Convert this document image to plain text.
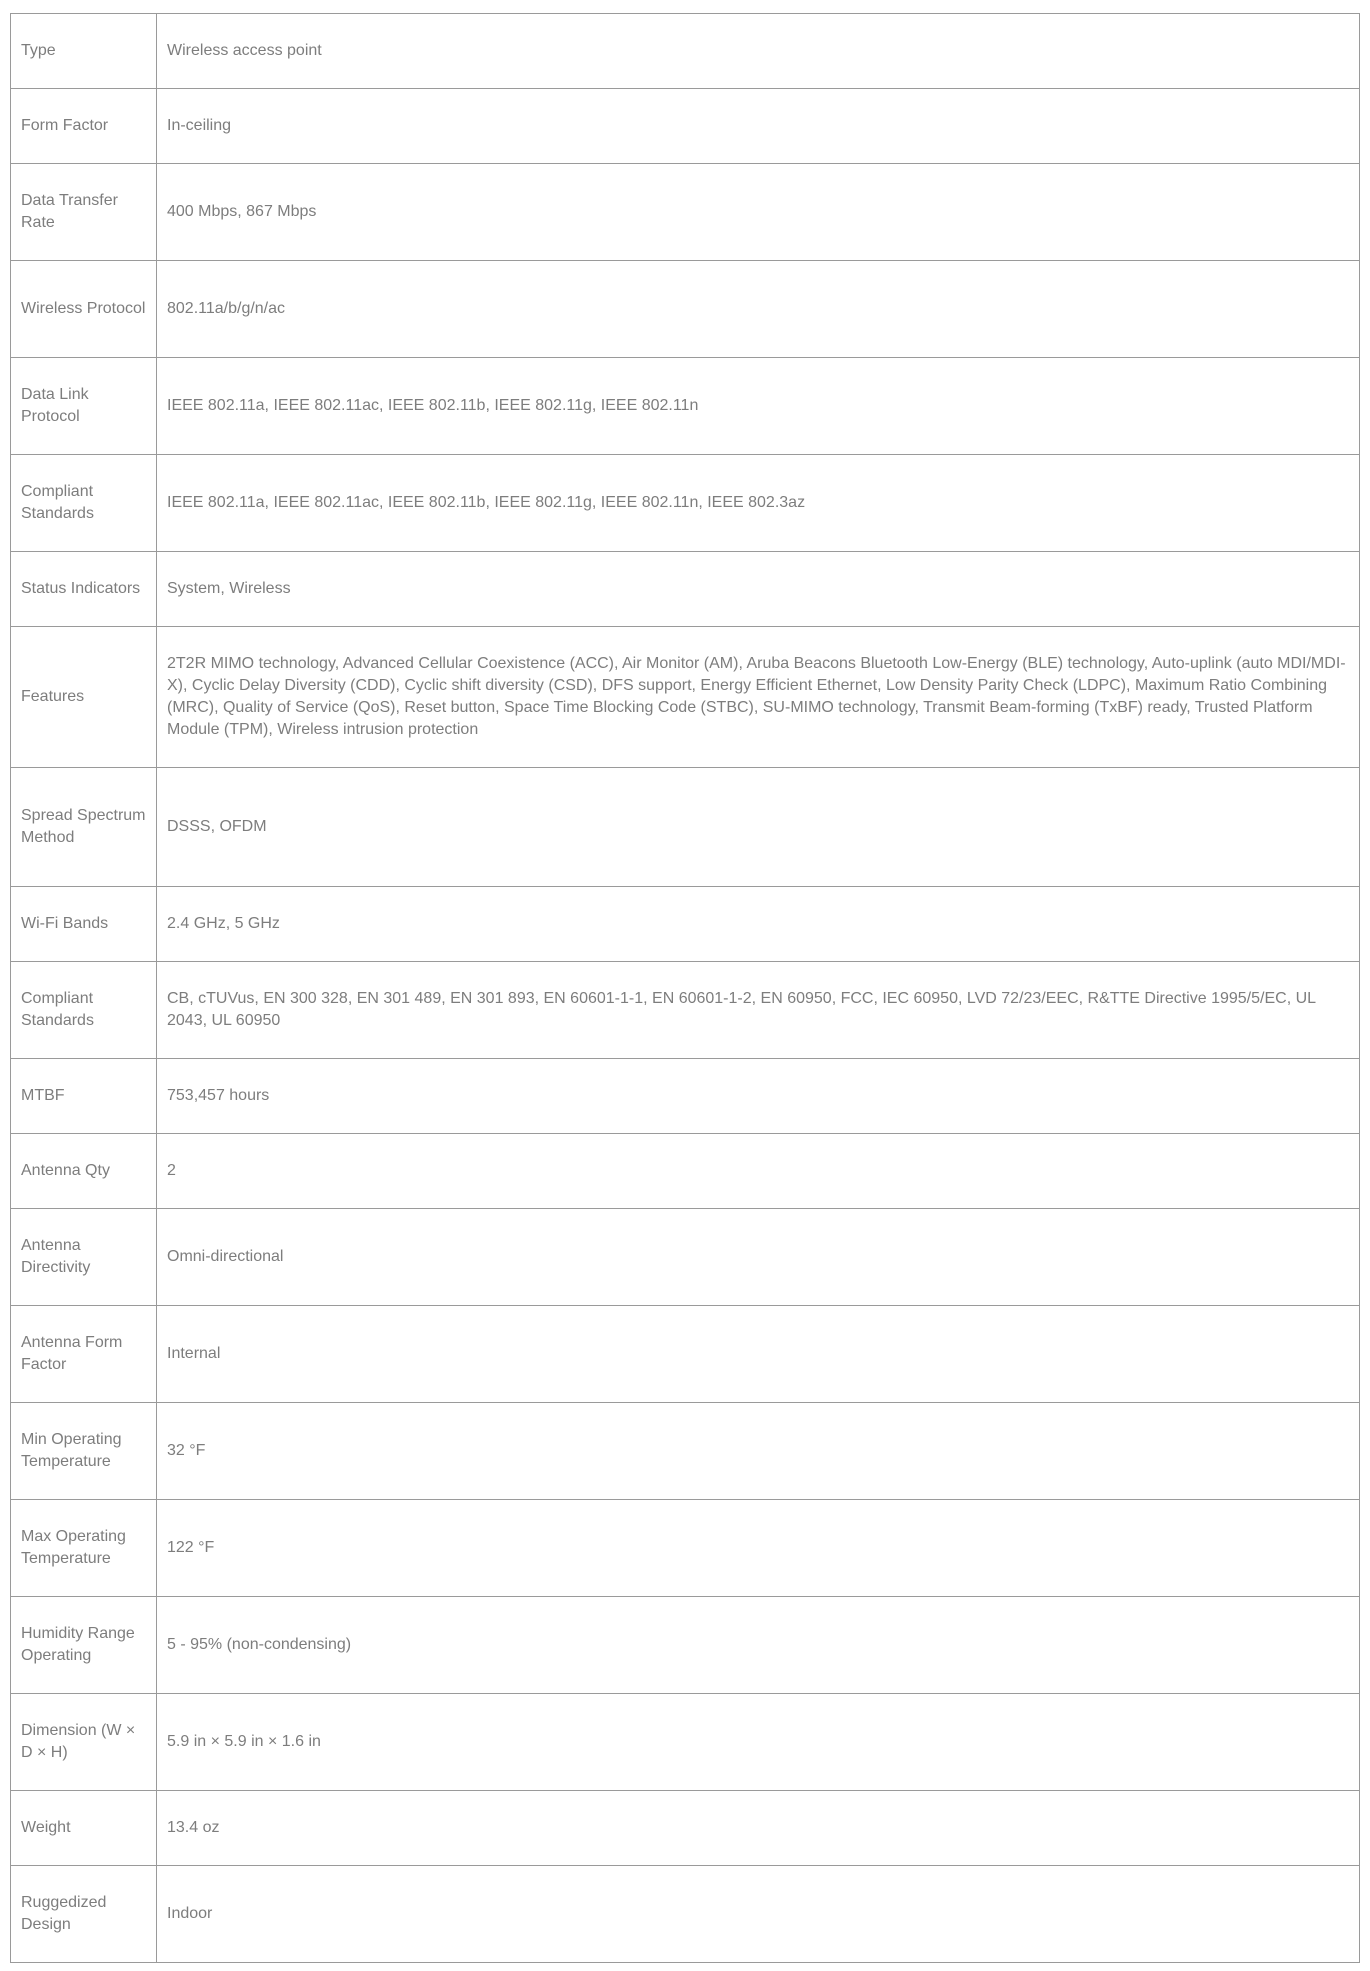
Type	Wireless access point
Form Factor	In-ceiling
Data Transfer Rate	400 Mbps, 867 Mbps
Wireless Protocol	802.11a/b/g/n/ac
Data Link Protocol	IEEE 802.11a, IEEE 802.11ac, IEEE 802.11b, IEEE 802.11g, IEEE 802.11n
Compliant Standards	IEEE 802.11a, IEEE 802.11ac, IEEE 802.11b, IEEE 802.11g, IEEE 802.11n, IEEE 802.3az
Status Indicators	System, Wireless
Features	2T2R MIMO technology, Advanced Cellular Coexistence (ACC), Air Monitor (AM), Aruba Beacons Bluetooth Low-Energy (BLE) technology, Auto-uplink (auto MDI/MDI-X), Cyclic Delay Diversity (CDD), Cyclic shift diversity (CSD), DFS support, Energy Efficient Ethernet, Low Density Parity Check (LDPC), Maximum Ratio Combining (MRC), Quality of Service (QoS), Reset button, Space Time Blocking Code (STBC), SU-MIMO technology, Transmit Beam-forming (TxBF) ready, Trusted Platform Module (TPM), Wireless intrusion protection
Spread Spectrum Method	DSSS, OFDM
Wi-Fi Bands	2.4 GHz, 5 GHz
Compliant Standards	CB, cTUVus, EN 300 328, EN 301 489, EN 301 893, EN 60601-1-1, EN 60601-1-2, EN 60950, FCC, IEC 60950, LVD 72/23/EEC, R&TTE Directive 1995/5/EC, UL 2043, UL 60950
MTBF	753,457 hours
Antenna Qty	2
Antenna Directivity	Omni-directional
Antenna Form Factor	Internal
Min Operating Temperature	32 °F
Max Operating Temperature	122 °F
Humidity Range Operating	5 - 95% (non-condensing)
Dimension (W × D × H)	5.9 in × 5.9 in × 1.6 in
Weight	13.4 oz
Ruggedized Design	Indoor
